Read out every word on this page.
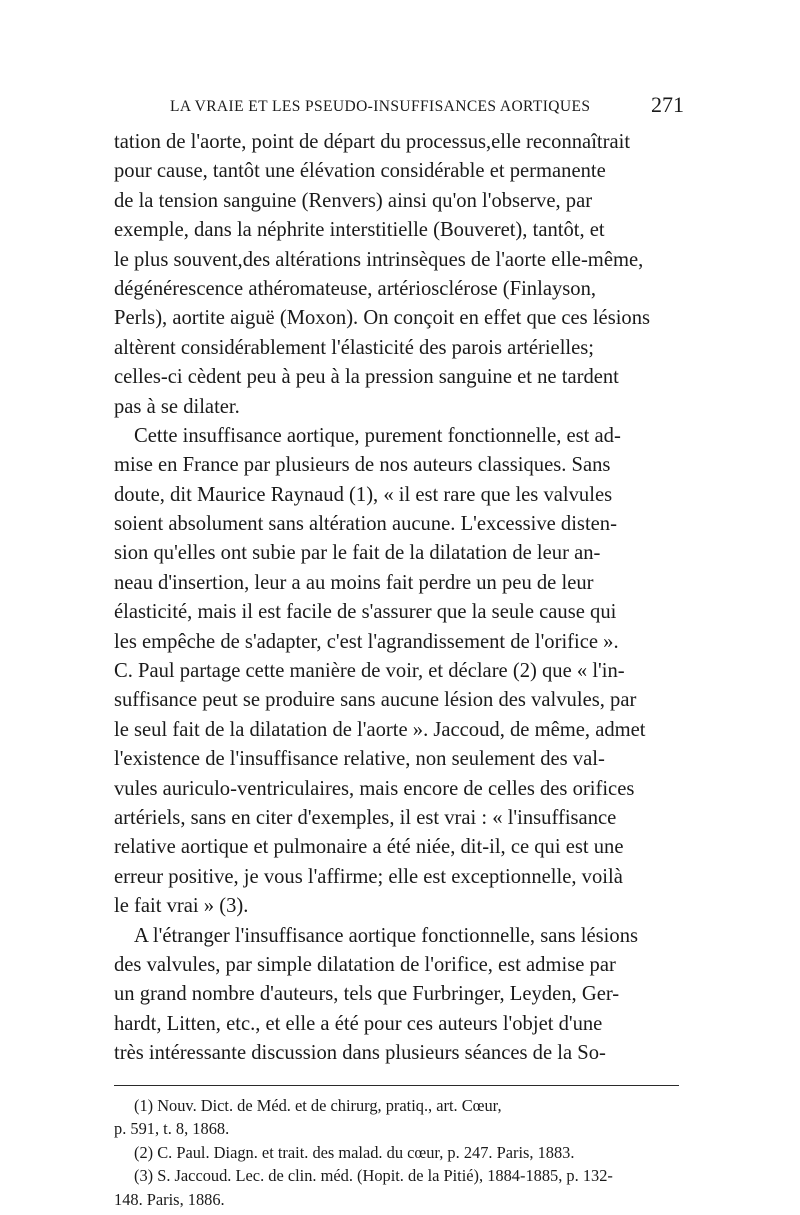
LA VRAIE ET LES PSEUDO-INSUFFISANCES AORTIQUES	271
tation de l'aorte, point de départ du processus,elle reconnaîtrait
pour cause, tantôt une élévation considérable et permanente
de la tension sanguine (Renvers) ainsi qu'on l'observe, par
exemple, dans la néphrite interstitielle (Bouveret), tantôt, et
le plus souvent,des altérations intrinsèques de l'aorte elle-même,
dégénérescence athéromateuse, artériosclérose (Finlayson,
Perls), aortite aiguë (Moxon). On conçoit en effet que ces lésions
altèrent considérablement l'élasticité des parois artérielles;
celles-ci cèdent peu à peu à la pression sanguine et ne tardent
pas à se dilater.
Cette insuffisance aortique, purement fonctionnelle, est ad-
mise en France par plusieurs de nos auteurs classiques. Sans
doute, dit Maurice Raynaud (1), « il est rare que les valvules
soient absolument sans altération aucune. L'excessive disten-
sion qu'elles ont subie par le fait de la dilatation de leur an-
neau d'insertion, leur a au moins fait perdre un peu de leur
élasticité, mais il est facile de s'assurer que la seule cause qui
les empêche de s'adapter, c'est l'agrandissement de l'orifice ».
C. Paul partage cette manière de voir, et déclare (2) que « l'in-
suffisance peut se produire sans aucune lésion des valvules, par
le seul fait de la dilatation de l'aorte ». Jaccoud, de même, admet
l'existence de l'insuffisance relative, non seulement des val-
vules auriculo-ventriculaires, mais encore de celles des orifices
artériels, sans en citer d'exemples, il est vrai : « l'insuffisance
relative aortique et pulmonaire a été niée, dit-il, ce qui est une
erreur positive, je vous l'affirme; elle est exceptionnelle, voilà
le fait vrai » (3).
A l'étranger l'insuffisance aortique fonctionnelle, sans lésions
des valvules, par simple dilatation de l'orifice, est admise par
un grand nombre d'auteurs, tels que Furbringer, Leyden, Ger-
hardt, Litten, etc., et elle a été pour ces auteurs l'objet d'une
très intéressante discussion dans plusieurs séances de la So-
(1) Nouv. Dict. de Méd. et de chirurg, pratiq., art. Cœur,
p. 591, t. 8, 1868.
(2) C. Paul. Diagn. et trait. des malad. du cœur, p. 247. Paris, 1883.
(3) S. Jaccoud. Lec. de clin. méd. (Hopit. de la Pitié), 1884-1885, p. 132-
148. Paris, 1886.
